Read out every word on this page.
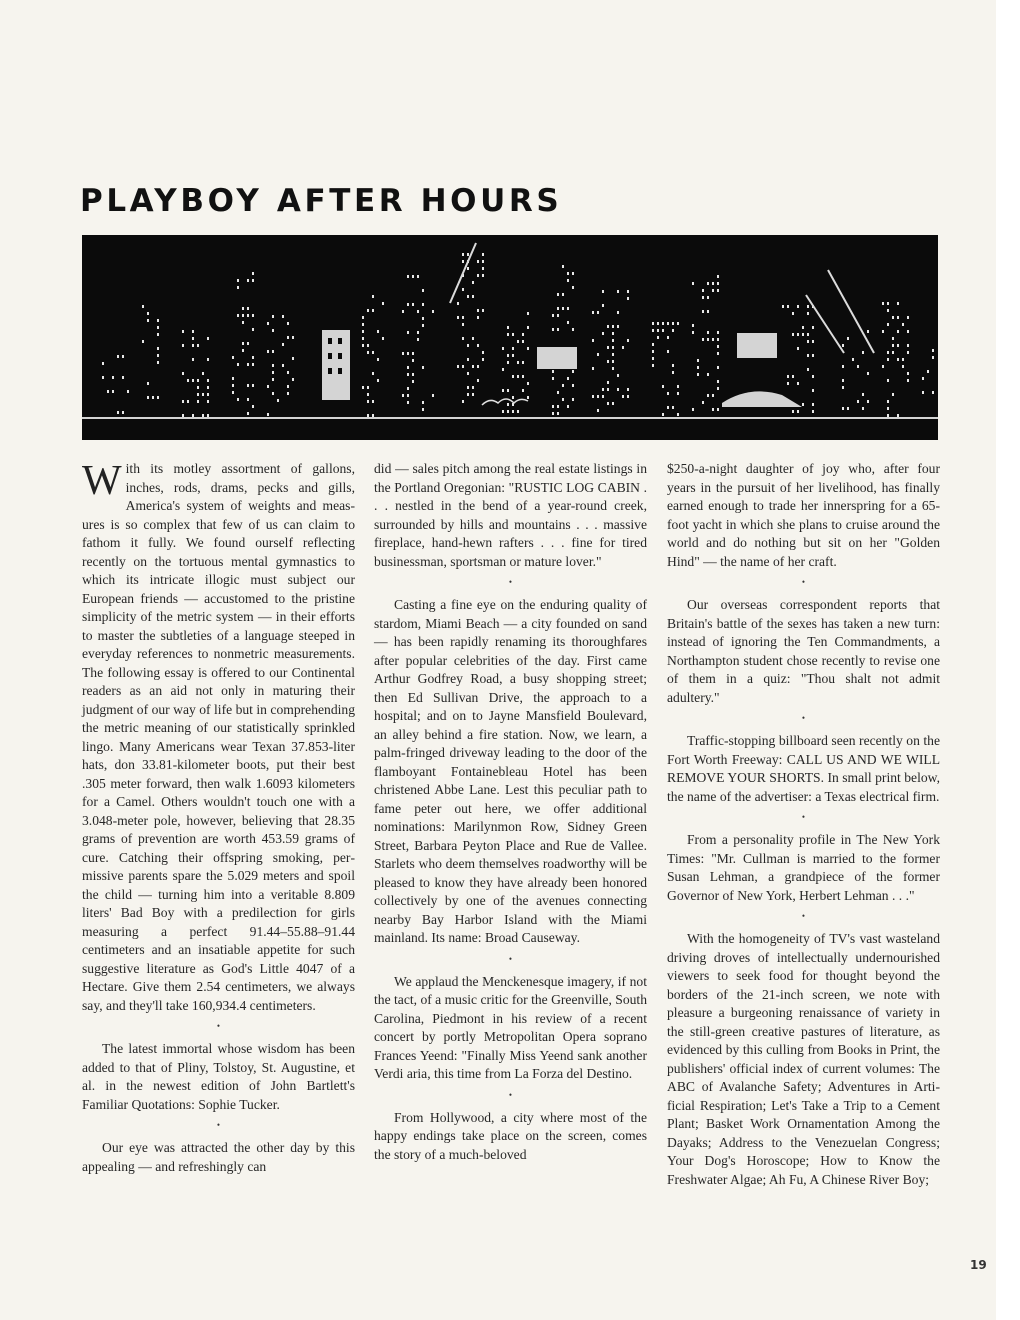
PLAYBOY AFTER HOURS

With its motley assortment of gallons, inches, rods, drams, pecks and gills, America's system of weights and measures is so complex that few of us can claim to fathom it fully. We found ourself reflecting recently on the tortuous mental gymnastics to which its intricate illogic must subject our European friends — accustomed to the pristine simplicity of the metric system — in their efforts to master the subtleties of a language steeped in everyday references to nonmetric measurements. The following essay is offered to our Continental readers as an aid not only in maturing their judgment of our way of life but in comprehending the metric meaning of our statistically sprinkled lingo. Many Americans wear Texan 37.853-liter hats, don 33.81-kilometer boots, put their best .305 meter forward, then walk 1.6093 kilometers for a Camel. Others wouldn't touch one with a 3.048-meter pole, however, believing that 28.35 grams of prevention are worth 453.59 grams of cure. Catching their offspring smoking, permissive parents spare the 5.029 meters and spoil the child — turning him into a veritable 8.809 liters' Bad Boy with a predilection for girls measuring a perfect 91.44–55.88–91.44 centimeters and an insatiable appetite for such suggestive literature as God's Little 4047 of a Hectare. Give them 2.54 centimeters, we always say, and they'll take 160,934.4 centimeters.

•

The latest immortal whose wisdom has been added to that of Pliny, Tolstoy, St. Augustine, et al. in the newest edition of John Bartlett's Familiar Quotations: Sophie Tucker.

•

Our eye was attracted the other day by this appealing — and refreshingly can

did — sales pitch among the real estate listings in the Portland Oregonian: "RUSTIC LOG CABIN . . . nestled in the bend of a year-round creek, surrounded by hills and mountains . . . massive fireplace, hand-hewn rafters . . . fine for tired businessman, sportsman or mature lover."

•

Casting a fine eye on the enduring quality of stardom, Miami Beach — a city founded on sand — has been rapidly renaming its thoroughfares after popular celebrities of the day. First came Arthur Godfrey Road, a busy shopping street; then Ed Sullivan Drive, the approach to a hospital; and on to Jayne Mansfield Boulevard, an alley behind a fire station. Now, we learn, a palm-fringed driveway leading to the door of the flamboyant Fontainebleau Hotel has been christened Abbe Lane. Lest this peculiar path to fame peter out here, we offer additional nominations: Marilynmon Row, Sidney Green Street, Barbara Peyton Place and Rue de Vallee. Starlets who deem themselves roadworthy will be pleased to know they have already been honored collectively by one of the avenues connecting nearby Bay Harbor Island with the Miami mainland. Its name: Broad Causeway.

•

We applaud the Menckenesque imagery, if not the tact, of a music critic for the Greenville, South Carolina, Piedmont in his review of a recent concert by portly Metropolitan Opera soprano Frances Yeend: "Finally Miss Yeend sank another Verdi aria, this time from La Forza del Destino.

•

From Hollywood, a city where most of the happy endings take place on the screen, comes the story of a much-beloved

$250-a-night daughter of joy who, after four years in the pursuit of her livelihood, has finally earned enough to trade her innerspring for a 65-foot yacht in which she plans to cruise around the world and do nothing but sit on her "Golden Hind" — the name of her craft.

•

Our overseas correspondent reports that Britain's battle of the sexes has taken a new turn: instead of ignoring the Ten Commandments, a Northampton student chose recently to revise one of them in a quiz: "Thou shalt not admit adultery."

•

Traffic-stopping billboard seen recently on the Fort Worth Freeway: CALL US AND WE WILL REMOVE YOUR SHORTS. In small print below, the name of the advertiser: a Texas electrical firm.

•

From a personality profile in The New York Times: "Mr. Cullman is married to the former Susan Lehman, a grandpiece of the former Governor of New York, Herbert Lehman . . ."

•

With the homogeneity of TV's vast wasteland driving droves of intellectually undernourished viewers to seek food for thought beyond the borders of the 21-inch screen, we note with pleasure a burgeoning renaissance of variety in the still-green creative pastures of literature, as evidenced by this culling from Books in Print, the publishers' official index of current volumes: The ABC of Avalanche Safety; Adventures in Artificial Respiration; Let's Take a Trip to a Cement Plant; Basket Work Ornamentation Among the Dayaks; Address to the Venezuelan Congress; Your Dog's Horoscope; How to Know the Freshwater Algae; Ah Fu, A Chinese River Boy;

19
